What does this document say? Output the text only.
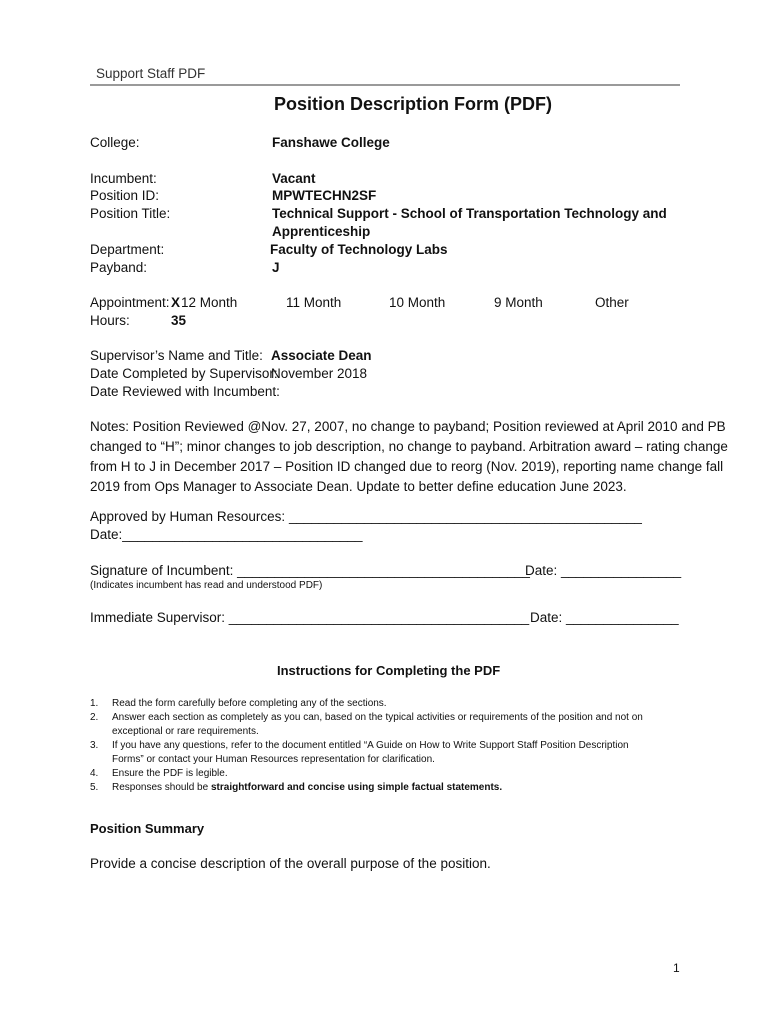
Support Staff PDF
Position Description Form (PDF)
College:	Fanshawe College
Incumbent:	Vacant
Position ID:	MPWTECHN2SF
Position Title:	Technical Support - School of Transportation Technology and
Apprenticeship
Department:	Faculty of Technology Labs
Payband:	J
Appointment: X 12 Month	11 Month	10 Month	9 Month	Other
Hours:	35
Supervisor’s Name and Title: Associate Dean
Date Completed by Supervisor:
November 2018
Date Reviewed with Incumbent:
Notes: Position Reviewed @Nov. 27, 2007, no change to payband; Position reviewed at April 2010 and PB
changed to “H”; minor changes to job description, no change to payband. Arbitration award – rating change
from H to J in December 2017 – Position ID changed due to reorg (Nov. 2019), reporting name change fall
2019 from Ops Manager to Associate Dean. Update to better define education June 2023.
Approved by Human Resources: _______________________________________________
Date:________________________________
Signature of Incumbent: _______________________________________
Date: ________________
(Indicates incumbent has read and understood PDF)
Immediate Supervisor: ________________________________________ Date: _______________
Instructions for Completing the PDF
1. Read the form carefully before completing any of the sections.
2. Answer each section as completely as you can, based on the typical activities or requirements of the position and not on
exceptional or rare requirements.
3. If you have any questions, refer to the document entitled “A Guide on How to Write Support Staff Position Description
Forms” or contact your Human Resources representation for clarification.
4. Ensure the PDF is legible.
5. Responses should be straightforward and concise using simple factual statements.
Position Summary
Provide a concise description of the overall purpose of the position.
1
